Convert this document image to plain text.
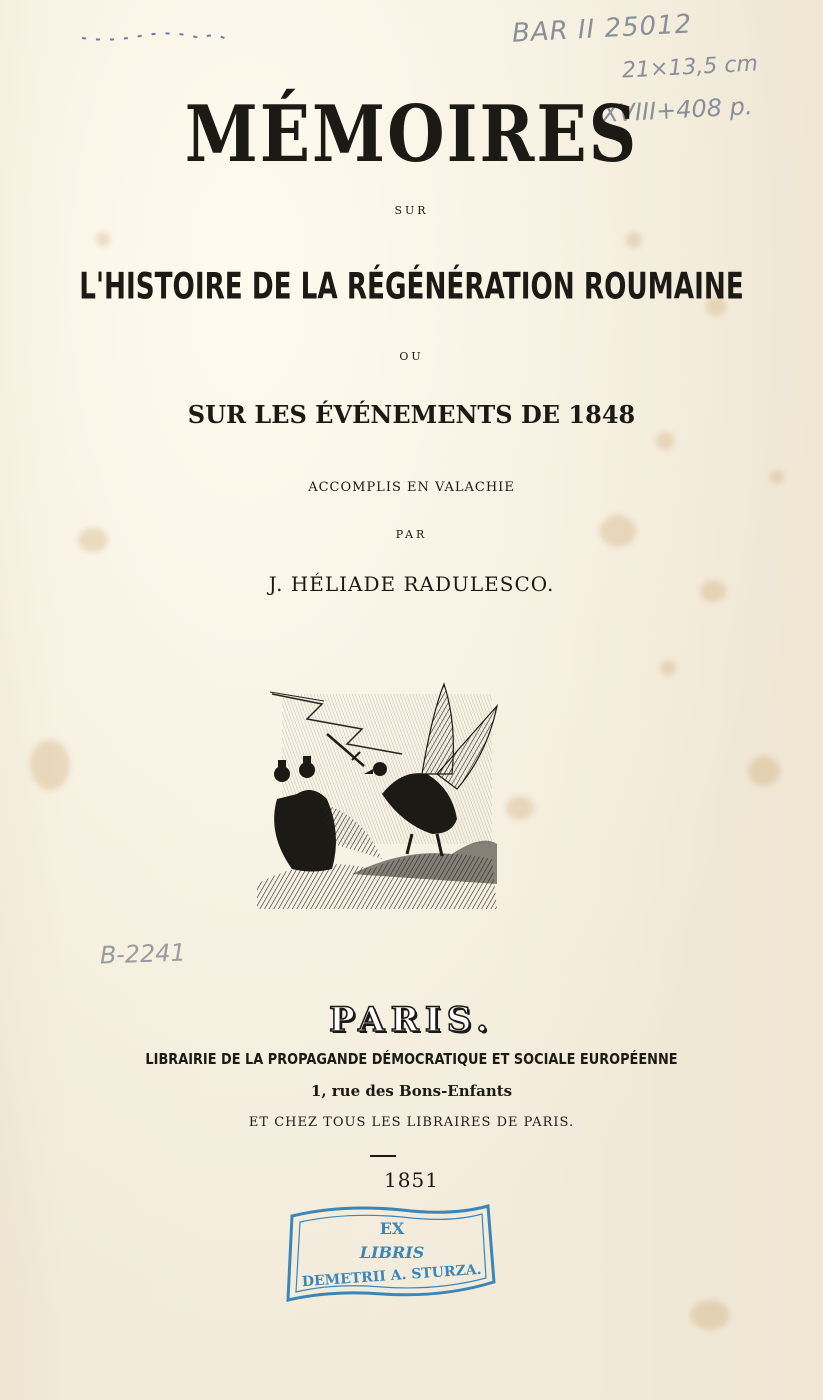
BAR II 25012
21×13,5 cm
XVIII+408 p.
B-2241
MÉMOIRES
SUR
L'HISTOIRE DE LA RÉGÉNÉRATION ROUMAINE
OU
SUR LES ÉVÉNEMENTS DE 1848
ACCOMPLIS EN VALACHIE
PAR
J. HÉLIADE RADULESCO.
PARIS.
LIBRAIRIE DE LA PROPAGANDE DÉMOCRATIQUE ET SOCIALE EUROPÉENNE
1, rue des Bons-Enfants
ET CHEZ TOUS LES LIBRAIRES DE PARIS.
1851
EX
LIBRIS
DEMETRII A. STURZA.
